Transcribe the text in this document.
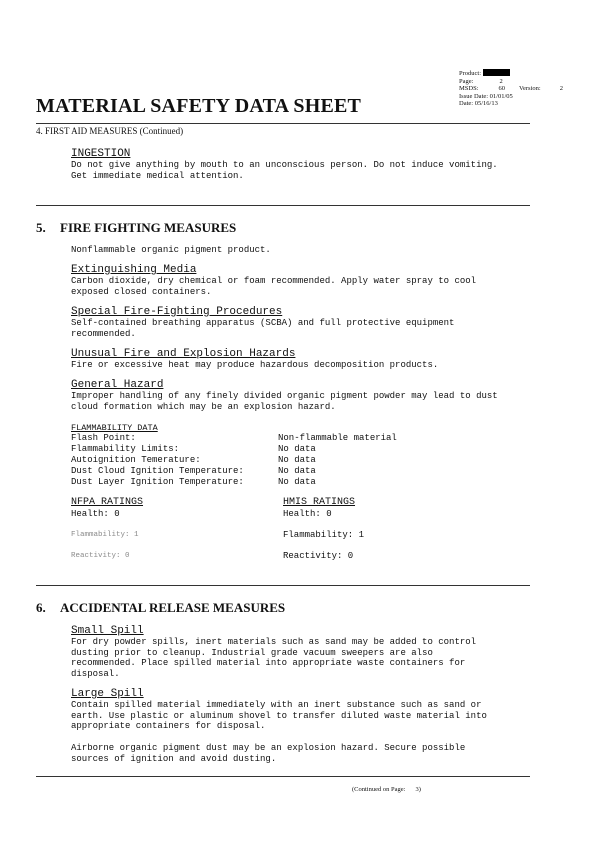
Product:
Page:	2
MSDS:	60 Version:	2
Issue Date: 01/01/05
Date: 05/16/13
MATERIAL SAFETY DATA SHEET
4. FIRST AID MEASURES (Continued)
INGESTION
Do not give anything by mouth to an unconscious person. Do not induce vomiting.
Get immediate medical attention.
5. FIRE FIGHTING MEASURES
Nonflammable organic pigment product.
Extinguishing Media
Carbon dioxide, dry chemical or foam recommended. Apply water spray to cool
exposed closed containers.
Special Fire-Fighting Procedures
Self-contained breathing apparatus (SCBA) and full protective equipment
recommended.
Unusual Fire and Explosion Hazards
Fire or excessive heat may produce hazardous decomposition products.
General Hazard
Improper handling of any finely divided organic pigment powder may lead to dust
cloud formation which may be an explosion hazard.
FLAMMABILITY DATA
Flash Point:	Non-flammable material
Flammability Limits:	No data
Autoignition Temerature:	No data
Dust Cloud Ignition Temperature:	No data
Dust Layer Ignition Temperature:	No data
NFPA RATINGS
Health: 0
Flammability: 1
Reactivity: 0
HMIS RATINGS
Health: 0
Flammability: 1
Reactivity: 0
6. ACCIDENTAL RELEASE MEASURES
Small Spill
For dry powder spills, inert materials such as sand may be added to control
dusting prior to cleanup. Industrial grade vacuum sweepers are also
recommended. Place spilled material into appropriate waste containers for
disposal.
Large Spill
Contain spilled material immediately with an inert substance such as sand or
earth. Use plastic or aluminum shovel to transfer diluted waste material into
appropriate containers for disposal.
Airborne organic pigment dust may be an explosion hazard. Secure possible
sources of ignition and avoid dusting.
(Continued on Page: 3)
